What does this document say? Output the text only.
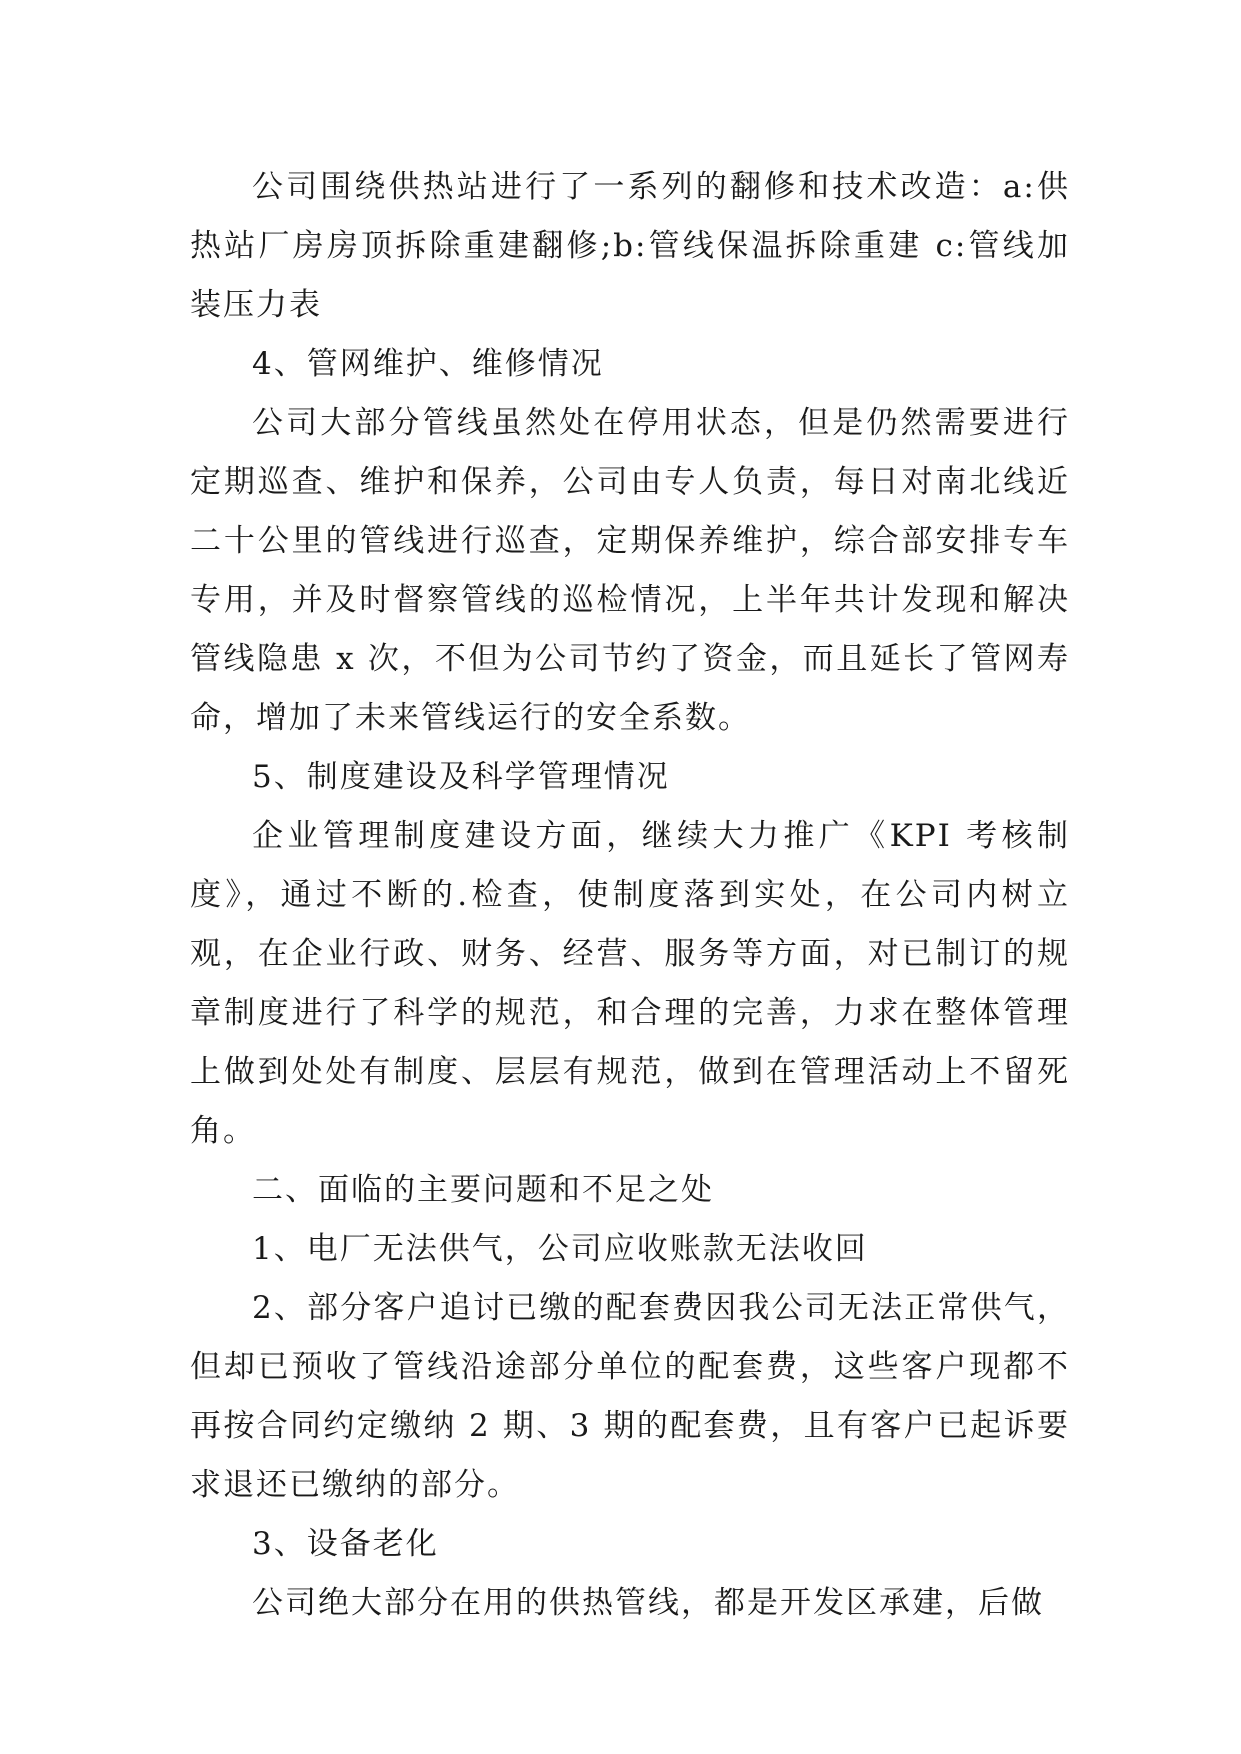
公司围绕供热站进行了一系列的翻修和技术改造：a:供热站厂房房顶拆除重建翻修;b:管线保温拆除重建 c:管线加装压力表

4、管网维护、维修情况

公司大部分管线虽然处在停用状态，但是仍然需要进行定期巡查、维护和保养，公司由专人负责，每日对南北线近二十公里的管线进行巡查，定期保养维护，综合部安排专车专用，并及时督察管线的巡检情况，上半年共计发现和解决管线隐患 x 次，不但为公司节约了资金，而且延长了管网寿命，增加了未来管线运行的安全系数。

5、制度建设及科学管理情况

企业管理制度建设方面，继续大力推广《KPI 考核制度》，通过不断的.检查，使制度落到实处，在公司内树立观，在企业行政、财务、经营、服务等方面，对已制订的规章制度进行了科学的规范，和合理的完善，力求在整体管理上做到处处有制度、层层有规范，做到在管理活动上不留死角。

二、面临的主要问题和不足之处

1、电厂无法供气，公司应收账款无法收回

2、部分客户追讨已缴的配套费因我公司无法正常供气，但却已预收了管线沿途部分单位的配套费，这些客户现都不再按合同约定缴纳 2 期、3 期的配套费，且有客户已起诉要求退还已缴纳的部分。

3、设备老化

公司绝大部分在用的供热管线，都是开发区承建，后做
